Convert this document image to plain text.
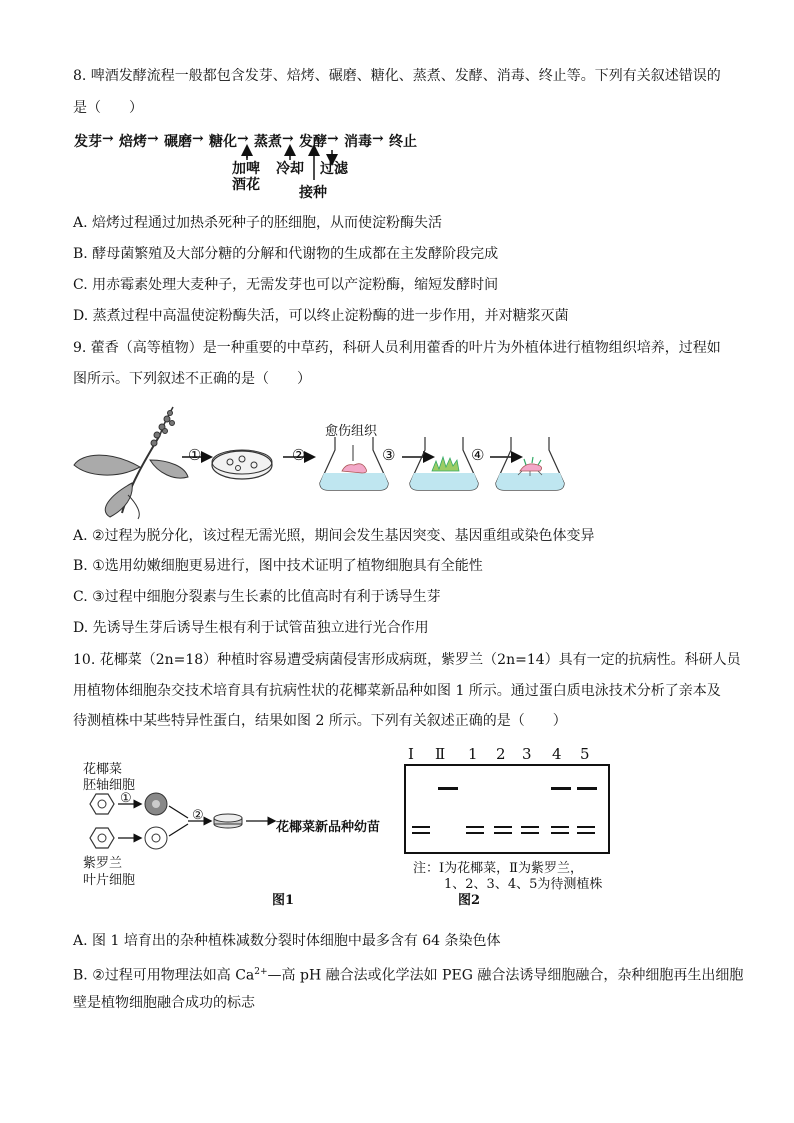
8. 啤酒发酵流程一般都包含发芽、焙烤、碾磨、糖化、蒸煮、发酵、消毒、终止等。下列有关叙述错误的
是（　　）
发芽 → 焙烤 → 碾磨 → 糖化 → 蒸煮 → 发酵 → 消毒 → 终止
加啤
酒花
冷却 过滤
接种
A. 焙烤过程通过加热杀死种子的胚细胞，从而使淀粉酶失活
B. 酵母菌繁殖及大部分糖的分解和代谢物的生成都在主发酵阶段完成
C. 用赤霉素处理大麦种子，无需发芽也可以产淀粉酶，缩短发酵时间
D. 蒸煮过程中高温使淀粉酶失活，可以终止淀粉酶的进一步作用，并对糖浆灭菌
9. 藿香（高等植物）是一种重要的中草药，科研人员利用藿香的叶片为外植体进行植物组织培养，过程如
图所示。下列叙述不正确的是（　　）
①	②	③	④
愈伤组织
A. ②过程为脱分化，该过程无需光照，期间会发生基因突变、基因重组或染色体变异
B. ①选用幼嫩细胞更易进行，图中技术证明了植物细胞具有全能性
C. ③过程中细胞分裂素与生长素的比值高时有利于诱导生芽
D. 先诱导生芽后诱导生根有利于试管苗独立进行光合作用
10. 花椰菜（2n=18）种植时容易遭受病菌侵害形成病斑，紫罗兰（2n=14）具有一定的抗病性。科研人员
用植物体细胞杂交技术培育具有抗病性状的花椰菜新品种如图 1 所示。通过蛋白质电泳技术分析了亲本及
待测植株中某些特异性蛋白，结果如图 2 所示。下列有关叙述正确的是（　　）
花椰菜
胚轴细胞
紫罗兰
叶片细胞
①
②
花椰菜新品种幼苗
图1
Ⅰ Ⅱ 1 2 3 4 5
注：Ⅰ为花椰菜，Ⅱ为紫罗兰，
1、2、3、4、5为待测植株
图2
A. 图 1 培育出的杂种植株减数分裂时体细胞中最多含有 64 条染色体
B. ②过程可用物理法如高 $Ca^{2+}—$高 pH 融合法或化学法如 PEG 融合法诱导细胞融合，杂种细胞再生出细胞
壁是植物细胞融合成功的标志
